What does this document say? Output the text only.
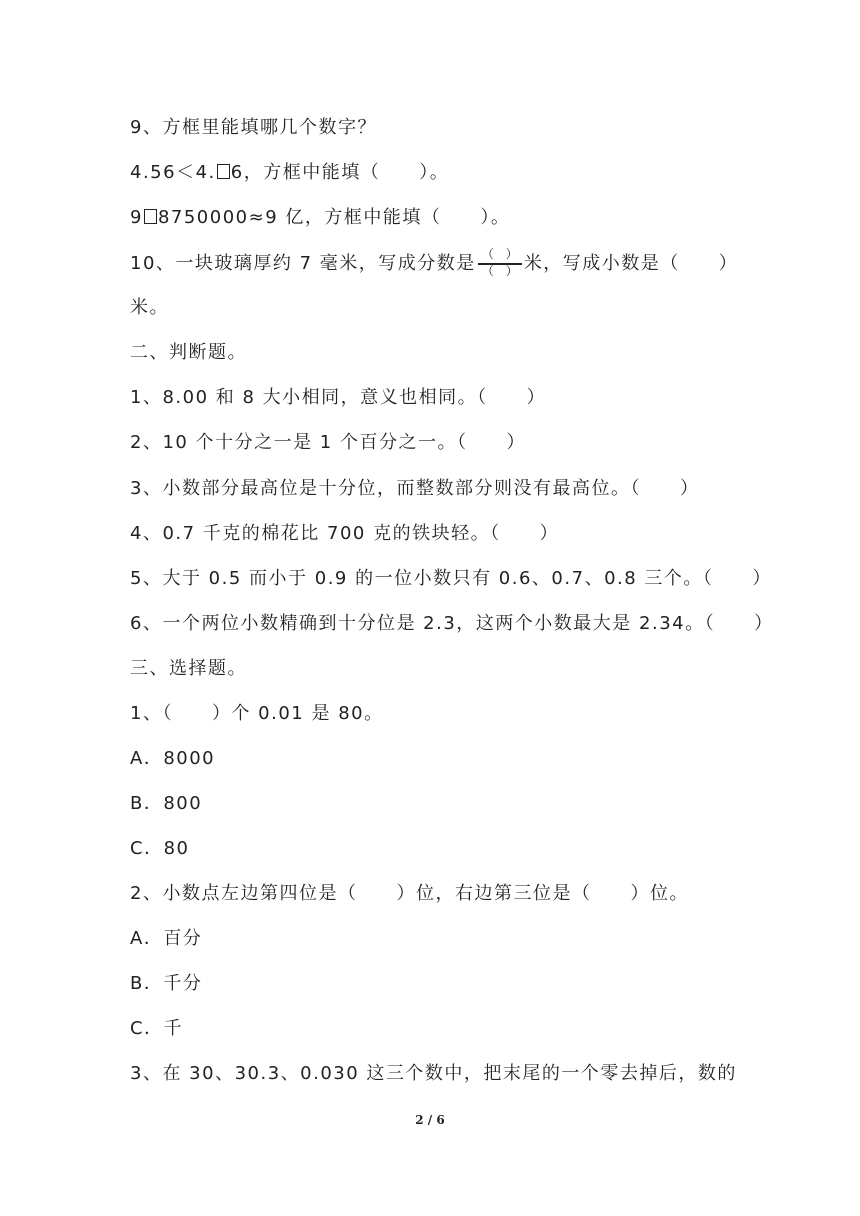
9、方框里能填哪几个数字？
4.56＜4. 6，方框中能填（　　）。
9 8750000≈9 亿，方框中能填（　　）。
10、一块玻璃厚约 7 毫米，写成分数是 $\frac{( )}{( )}$ 米，写成小数是（　　）
米。
二、判断题。
1、8.00 和 8 大小相同，意义也相同。（　　）
2、10 个十分之一是 1 个百分之一。（　　）
3、小数部分最高位是十分位，而整数部分则没有最高位。（　　）
4、0.7 千克的棉花比 700 克的铁块轻。（　　）
5、大于 0.5 而小于 0.9 的一位小数只有 0.6、0.7、0.8 三个。（　　）
6、一个两位小数精确到十分位是 2.3，这两个小数最大是 2.34。（　　）
三、选择题。
1、（　　）个 0.01 是 80。
A．8000
B．800
C．80
2、小数点左边第四位是（　　）位，右边第三位是（　　）位。
A．百分
B．千分
C．千
3、在 30、30.3、0.030 这三个数中，把末尾的一个零去掉后，数的
2 / 6
